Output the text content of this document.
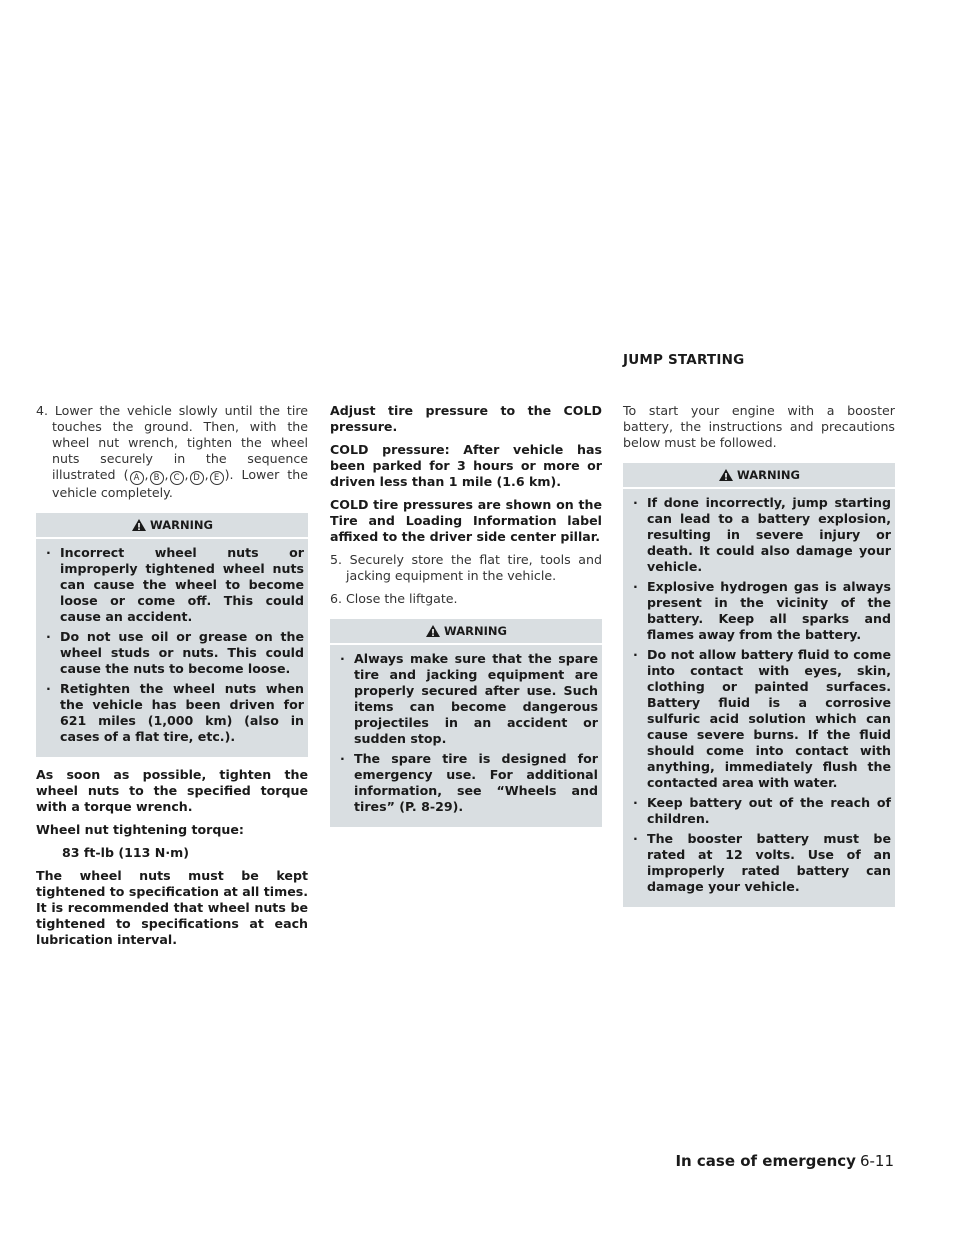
JUMP STARTING

4. Lower the vehicle slowly until the tire touches the ground. Then, with the wheel nut wrench, tighten the wheel nuts securely in the sequence illustrated ( A , B , C , D , E ). Lower the vehicle completely.

WARNING
· Incorrect wheel nuts or improperly tightened wheel nuts can cause the wheel to become loose or come off. This could cause an accident.
· Do not use oil or grease on the wheel studs or nuts. This could cause the nuts to become loose.
· Retighten the wheel nuts when the vehicle has been driven for 621 miles (1,000 km) (also in cases of a flat tire, etc.).

As soon as possible, tighten the wheel nuts to the specified torque with a torque wrench.

Wheel nut tightening torque:

83 ft-lb (113 N·m)

The wheel nuts must be kept tightened to specification at all times. It is recommended that wheel nuts be tightened to specifications at each lubrication interval.

Adjust tire pressure to the COLD pressure.

COLD pressure: After vehicle has been parked for 3 hours or more or driven less than 1 mile (1.6 km).

COLD tire pressures are shown on the Tire and Loading Information label affixed to the driver side center pillar.

5. Securely store the flat tire, tools and jacking equipment in the vehicle.

6. Close the liftgate.

WARNING
· Always make sure that the spare tire and jacking equipment are properly secured after use. Such items can become dangerous projectiles in an accident or sudden stop.
· The spare tire is designed for emergency use. For additional information, see “Wheels and tires” (P. 8-29).

To start your engine with a booster battery, the instructions and precautions below must be followed.

WARNING
· If done incorrectly, jump starting can lead to a battery explosion, resulting in severe injury or death. It could also damage your vehicle.
· Explosive hydrogen gas is always present in the vicinity of the battery. Keep all sparks and flames away from the battery.
· Do not allow battery fluid to come into contact with eyes, skin, clothing or painted surfaces. Battery fluid is a corrosive sulfuric acid solution which can cause severe burns. If the fluid should come into contact with anything, immediately flush the contacted area with water.
· Keep battery out of the reach of children.
· The booster battery must be rated at 12 volts. Use of an improperly rated battery can damage your vehicle.
In case of emergency 6-11
